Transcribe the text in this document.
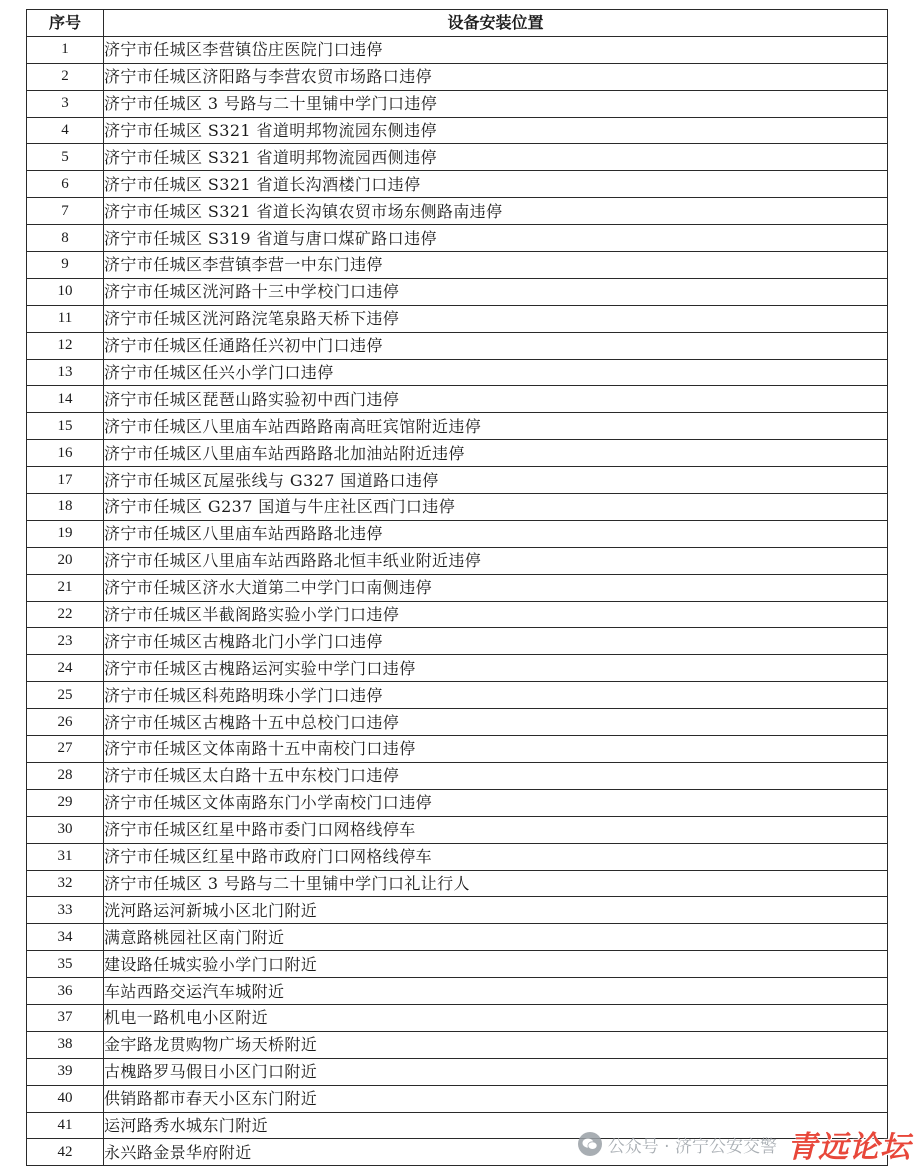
序号	设备安装位置
1	济宁市任城区李营镇岱庄医院门口违停
2	济宁市任城区济阳路与李营农贸市场路口违停
3	济宁市任城区 3 号路与二十里铺中学门口违停
4	济宁市任城区 S321 省道明邦物流园东侧违停
5	济宁市任城区 S321 省道明邦物流园西侧违停
6	济宁市任城区 S321 省道长沟酒楼门口违停
7	济宁市任城区 S321 省道长沟镇农贸市场东侧路南违停
8	济宁市任城区 S319 省道与唐口煤矿路口违停
9	济宁市任城区李营镇李营一中东门违停
10	济宁市任城区洸河路十三中学校门口违停
11	济宁市任城区洸河路浣笔泉路天桥下违停
12	济宁市任城区任通路任兴初中门口违停
13	济宁市任城区任兴小学门口违停
14	济宁市任城区琵琶山路实验初中西门违停
15	济宁市任城区八里庙车站西路路南高旺宾馆附近违停
16	济宁市任城区八里庙车站西路路北加油站附近违停
17	济宁市任城区瓦屋张线与 G327 国道路口违停
18	济宁市任城区 G237 国道与牛庄社区西门口违停
19	济宁市任城区八里庙车站西路路北违停
20	济宁市任城区八里庙车站西路路北恒丰纸业附近违停
21	济宁市任城区济水大道第二中学门口南侧违停
22	济宁市任城区半截阁路实验小学门口违停
23	济宁市任城区古槐路北门小学门口违停
24	济宁市任城区古槐路运河实验中学门口违停
25	济宁市任城区科苑路明珠小学门口违停
26	济宁市任城区古槐路十五中总校门口违停
27	济宁市任城区文体南路十五中南校门口违停
28	济宁市任城区太白路十五中东校门口违停
29	济宁市任城区文体南路东门小学南校门口违停
30	济宁市任城区红星中路市委门口网格线停车
31	济宁市任城区红星中路市政府门口网格线停车
32	济宁市任城区 3 号路与二十里铺中学门口礼让行人
33	洸河路运河新城小区北门附近
34	满意路桃园社区南门附近
35	建设路任城实验小学门口附近
36	车站西路交运汽车城附近
37	机电一路机电小区附近
38	金宇路龙贯购物广场天桥附近
39	古槐路罗马假日小区门口附近
40	供销路都市春天小区东门附近
41	运河路秀水城东门附近
42	永兴路金景华府附近	公众号 · 济宁公安交警 青远论坛
